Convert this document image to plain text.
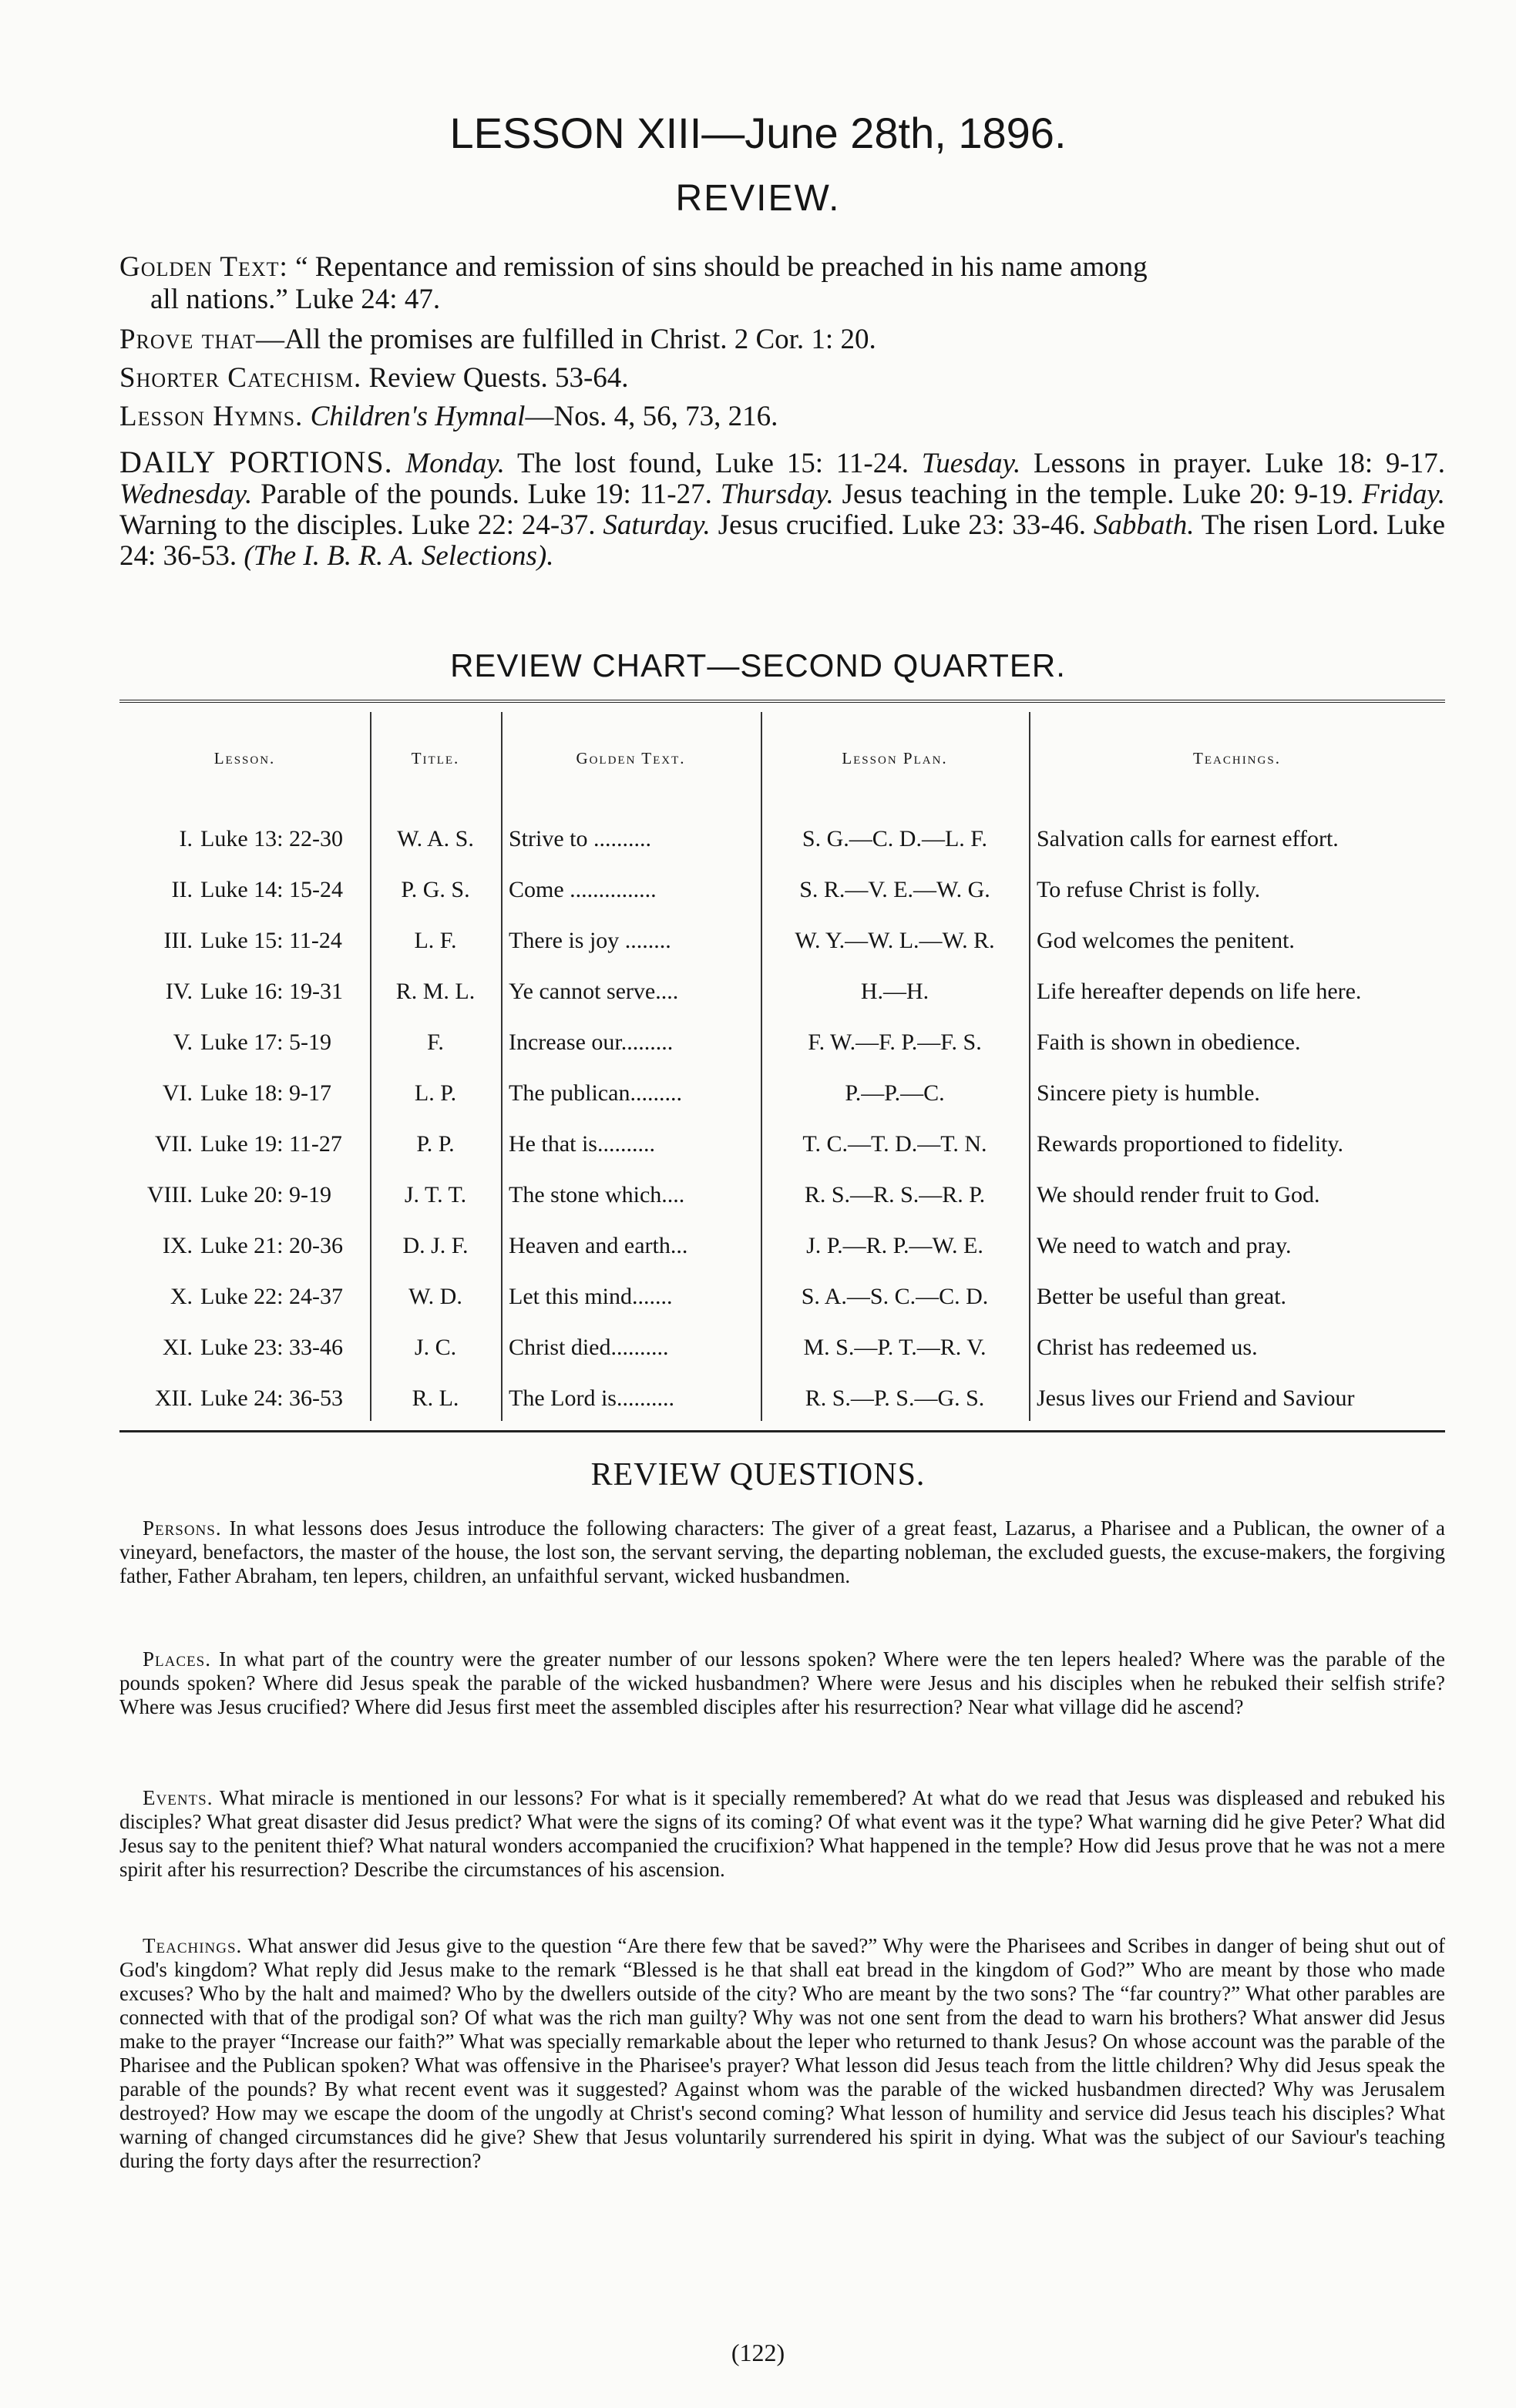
LESSON XIII—June 28th, 1896.
REVIEW.
Golden Text: “ Repentance and remission of sins should be preached in his name among
all nations.” Luke 24: 47.
Prove that—All the promises are fulfilled in Christ. 2 Cor. 1: 20.
Shorter Catechism. Review Quests. 53-64.
Lesson Hymns. Children's Hymnal—Nos. 4, 56, 73, 216.
DAILY PORTIONS. Monday. The lost found, Luke 15: 11-24. Tuesday. Lessons in prayer. Luke 18: 9-17. Wednesday. Parable of the pounds. Luke 19: 11-27. Thursday. Jesus teaching in the temple. Luke 20: 9-19. Friday. Warning to the disciples. Luke 22: 24-37. Saturday. Jesus crucified. Luke 23: 33-46. Sabbath. The risen Lord. Luke 24: 36-53. (The I. B. R. A. Selections).
REVIEW CHART—SECOND QUARTER.
Lesson.	Title.	Golden Text.	Lesson Plan.	Teachings.
I. Luke 13: 22-30	W. A. S.	Strive to ..........	S. G.—C. D.—L. F.	Salvation calls for earnest effort.
II. Luke 14: 15-24	P. G. S.	Come ...............	S. R.—V. E.—W. G.	To refuse Christ is folly.
III. Luke 15: 11-24	L. F.	There is joy ........	W. Y.—W. L.—W. R.	God welcomes the penitent.
IV. Luke 16: 19-31	R. M. L.	Ye cannot serve....	H.—H.	Life hereafter depends on life here.
V. Luke 17: 5-19	F.	Increase our.........	F. W.—F. P.—F. S.	Faith is shown in obedience.
VI. Luke 18: 9-17	L. P.	The publican.........	P.—P.—C.	Sincere piety is humble.
VII. Luke 19: 11-27	P. P.	He that is..........	T. C.—T. D.—T. N.	Rewards proportioned to fidelity.
VIII. Luke 20: 9-19	J. T. T.	The stone which....	R. S.—R. S.—R. P.	We should render fruit to God.
IX. Luke 21: 20-36	D. J. F.	Heaven and earth...	J. P.—R. P.—W. E.	We need to watch and pray.
X. Luke 22: 24-37	W. D.	Let this mind.......	S. A.—S. C.—C. D.	Better be useful than great.
XI. Luke 23: 33-46	J. C.	Christ died..........	M. S.—P. T.—R. V.	Christ has redeemed us.
XII. Luke 24: 36-53	R. L.	The Lord is..........	R. S.—P. S.—G. S.	Jesus lives our Friend and Saviour
REVIEW QUESTIONS.
Persons. In what lessons does Jesus introduce the following characters: The giver of a great feast, Lazarus, a Pharisee and a Publican, the owner of a vineyard, benefactors, the master of the house, the lost son, the servant serving, the departing nobleman, the excluded guests, the excuse-makers, the forgiving father, Father Abraham, ten lepers, children, an unfaithful servant, wicked husbandmen.
Places. In what part of the country were the greater number of our lessons spoken? Where were the ten lepers healed? Where was the parable of the pounds spoken? Where did Jesus speak the parable of the wicked husbandmen? Where were Jesus and his disciples when he rebuked their selfish strife? Where was Jesus crucified? Where did Jesus first meet the assembled disciples after his resurrection? Near what village did he ascend?
Events. What miracle is mentioned in our lessons? For what is it specially remembered? At what do we read that Jesus was displeased and rebuked his disciples? What great disaster did Jesus predict? What were the signs of its coming? Of what event was it the type? What warning did he give Peter? What did Jesus say to the penitent thief? What natural wonders accompanied the crucifixion? What happened in the temple? How did Jesus prove that he was not a mere spirit after his resurrection? Describe the circumstances of his ascension.
Teachings. What answer did Jesus give to the question “Are there few that be saved?” Why were the Pharisees and Scribes in danger of being shut out of God's kingdom? What reply did Jesus make to the remark “Blessed is he that shall eat bread in the kingdom of God?” Who are meant by those who made excuses? Who by the halt and maimed? Who by the dwellers outside of the city? Who are meant by the two sons? The “far country?” What other parables are connected with that of the prodigal son? Of what was the rich man guilty? Why was not one sent from the dead to warn his brothers? What answer did Jesus make to the prayer “Increase our faith?” What was specially remarkable about the leper who returned to thank Jesus? On whose account was the parable of the Pharisee and the Publican spoken? What was offensive in the Pharisee's prayer? What lesson did Jesus teach from the little children? Why did Jesus speak the parable of the pounds? By what recent event was it suggested? Against whom was the parable of the wicked husbandmen directed? Why was Jerusalem destroyed? How may we escape the doom of the ungodly at Christ's second coming? What lesson of humility and service did Jesus teach his disciples? What warning of changed circumstances did he give? Shew that Jesus voluntarily surrendered his spirit in dying. What was the subject of our Saviour's teaching during the forty days after the resurrection?
(122)
